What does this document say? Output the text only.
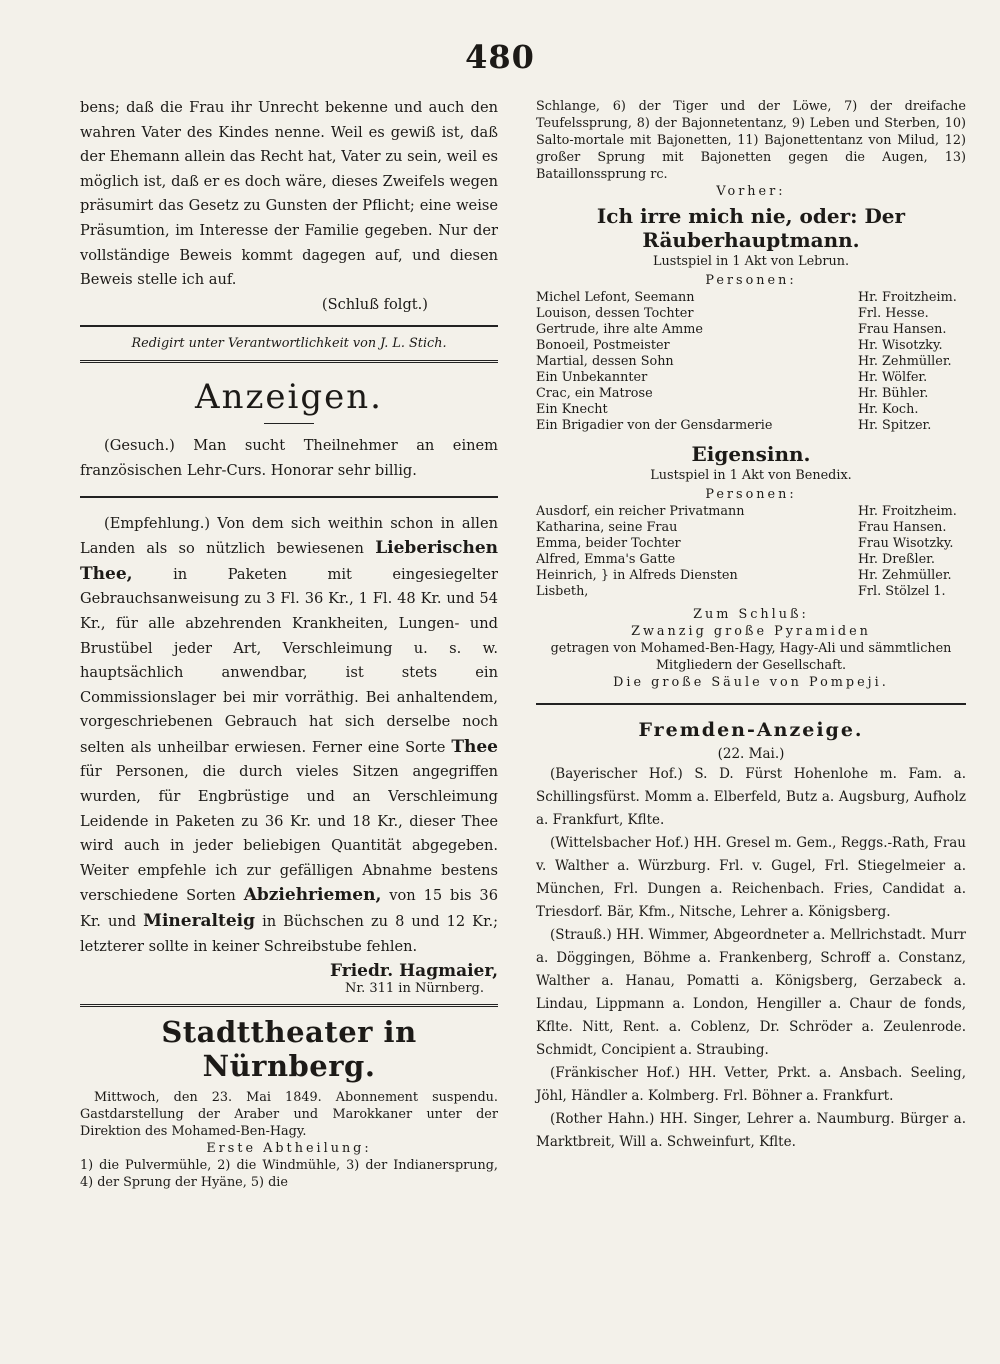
480

bens; daß die Frau ihr Unrecht bekenne und auch den wahren Vater des Kindes nenne. Weil es gewiß ist, daß der Ehemann allein das Recht hat, Vater zu sein, weil es möglich ist, daß er es doch wäre, dieses Zweifels wegen präsumirt das Gesetz zu Gunsten der Pflicht; eine weise Präsumtion, im Interesse der Familie gegeben. Nur der vollständige Beweis kommt dagegen auf, und diesen Beweis stelle ich auf.

(Schluß folgt.)

Redigirt unter Verantwortlichkeit von J. L. Stich.

Anzeigen.

(Gesuch.) Man sucht Theilnehmer an einem französischen Lehr-Curs. Honorar sehr billig.

(Empfehlung.) Von dem sich weithin schon in allen Landen als so nützlich bewiesenen Lieberischen Thee,	in Paketen mit eingesiegelter Gebrauchsanweisung zu 3 Fl. 36 Kr., 1 Fl. 48 Kr. und 54 Kr., für alle abzehrenden Krankheiten, Lungen- und Brustübel jeder Art, Verschleimung u. s. w. hauptsächlich anwendbar, ist stets ein Commissionslager bei mir vorräthig. Bei anhaltendem, vorgeschriebenen Gebrauch hat sich derselbe noch selten als unheilbar erwiesen. Ferner eine Sorte Thee für Personen, die durch vieles Sitzen angegriffen wurden, für Engbrüstige und an Verschleimung Leidende in Paketen zu 36 Kr. und 18 Kr., dieser Thee wird auch in jeder beliebigen Quantität abgegeben. Weiter empfehle ich zur gefälligen Abnahme bestens verschiedene Sorten Abziehriemen, von 15 bis 36 Kr. und Mineralteig in Büchschen zu 8 und 12 Kr.; letzterer sollte in keiner Schreibstube fehlen.

Friedr. Hagmaier,

Nr. 311 in Nürnberg.

Stadttheater in Nürnberg.

Mittwoch, den 23. Mai 1849. Abonnement suspendu. Gastdarstellung der Araber und Marokkaner unter der Direktion des Mohamed-Ben-Hagy.

Erste Abtheilung:

1) die Pulvermühle, 2) die Windmühle, 3) der Indianersprung, 4) der Sprung der Hyäne, 5) die

Schlange, 6) der Tiger und der Löwe, 7) der dreifache Teufelssprung, 8) der Bajonnetentanz, 9) Leben und Sterben, 10) Salto-mortale mit Bajonetten, 11) Bajonettentanz von Milud, 12) großer Sprung mit Bajonetten gegen die Augen, 13) Bataillonssprung rc.

Vorher:

Ich irre mich nie, oder: Der Räuberhauptmann.

Lustspiel in 1 Akt von Lebrun.

Personen:

Michel Lefont, Seemann	Hr. Froitzheim.
Louison, dessen Tochter	Frl. Hesse.
Gertrude, ihre alte Amme	Frau Hansen.
Bonoeil, Postmeister	Hr. Wisotzky.
Martial, dessen Sohn	Hr. Zehmüller.
Ein Unbekannter	Hr. Wölfer.
Crac, ein Matrose	Hr. Bühler.
Ein Knecht	Hr. Koch.
Ein Brigadier von der Gensdarmerie	Hr. Spitzer.
Eigensinn.

Lustspiel in 1 Akt von Benedix.

Personen:

Ausdorf, ein reicher Privatmann	Hr. Froitzheim.
Katharina, seine Frau	Frau Hansen.
Emma, beider Tochter	Frau Wisotzky.
Alfred, Emma's Gatte	Hr. Dreßler.
Heinrich, } in Alfreds Diensten	Hr. Zehmüller.
Lisbeth,	Frl. Stölzel 1.

Zum Schluß:

Zwanzig große Pyramiden

getragen von Mohamed-Ben-Hagy, Hagy-Ali und sämmtlichen Mitgliedern der Gesellschaft.

Die große Säule von Pompeji.

Fremden-Anzeige.

(22. Mai.)

(Bayerischer Hof.) S. D. Fürst Hohenlohe m. Fam. a. Schillingsfürst. Momm a. Elberfeld, Butz a. Augsburg, Aufholz a. Frankfurt, Kflte.

(Wittelsbacher Hof.) HH. Gresel m. Gem., Reggs.-Rath, Frau v. Walther a. Würzburg. Frl. v. Gugel, Frl. Stiegelmeier a. München, Frl. Dungen a. Reichenbach. Fries, Candidat a. Triesdorf. Bär, Kfm., Nitsche, Lehrer a. Königsberg.

(Strauß.) HH. Wimmer, Abgeordneter a. Mellrichstadt. Murr a. Döggingen, Böhme a. Frankenberg, Schroff a. Constanz, Walther a. Hanau, Pomatti a. Königsberg, Gerzabeck a. Lindau, Lippmann a. London, Hengiller a. Chaur de fonds, Kflte. Nitt, Rent. a. Coblenz, Dr. Schröder a. Zeulenrode. Schmidt, Concipient a. Straubing.

(Fränkischer Hof.) HH. Vetter, Prkt. a. Ansbach. Seeling, Jöhl, Händler a. Kolmberg. Frl. Böhner a. Frankfurt.

(Rother Hahn.) HH. Singer, Lehrer a. Naumburg. Bürger a. Marktbreit, Will a. Schweinfurt, Kflte.
